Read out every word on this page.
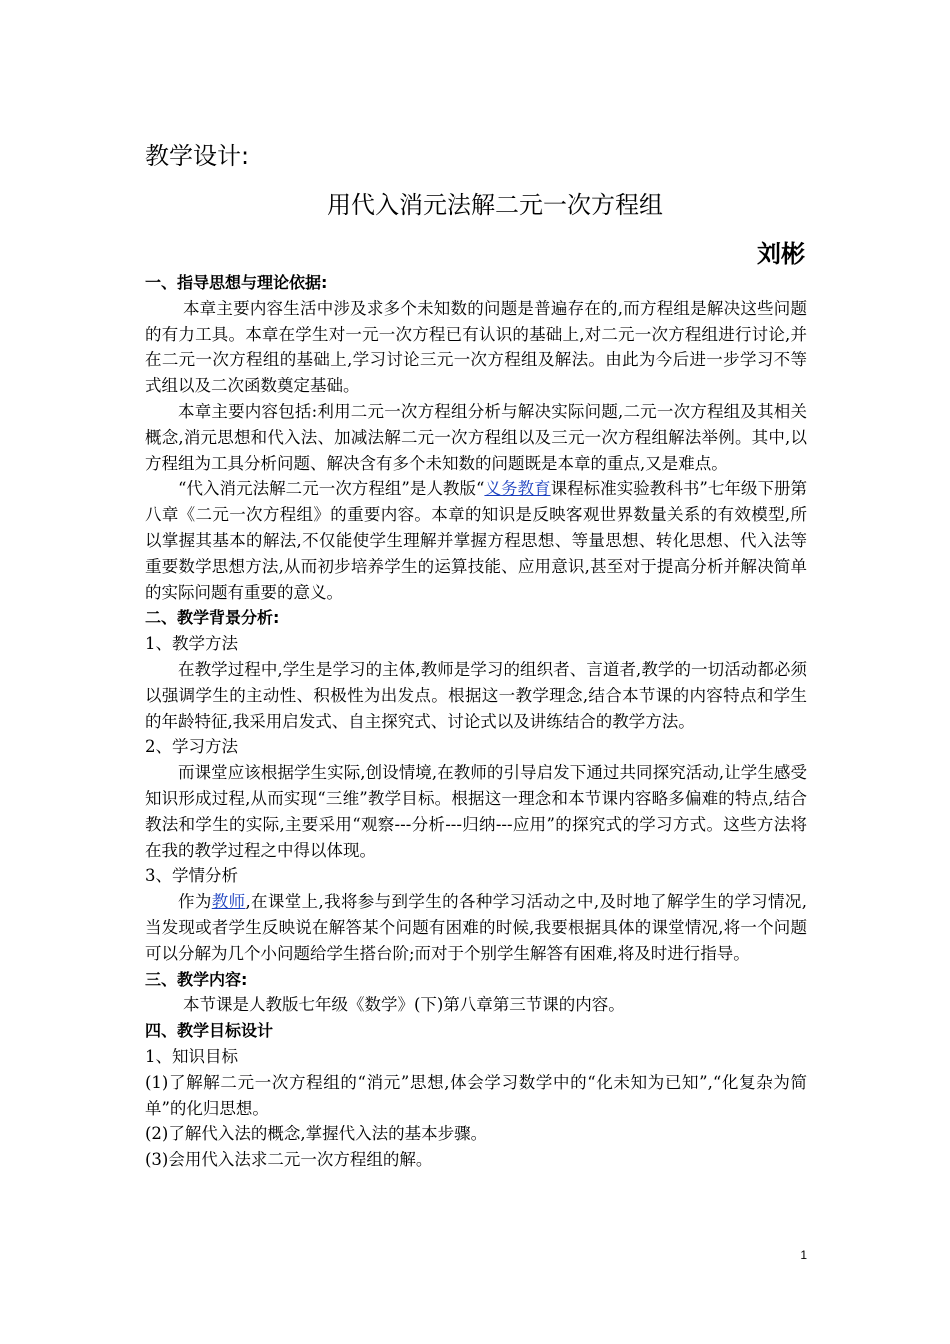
教学设计:
用代入消元法解二元一次方程组
刘彬

一、指导思想与理论依据:

本章主要内容生活中涉及求多个未知数的问题是普遍存在的,而方程组是解决这些问题的有力工具。本章在学生对一元一次方程已有认识的基础上,对二元一次方程组进行讨论,并在二元一次方程组的基础上,学习讨论三元一次方程组及解法。由此为今后进一步学习不等式组以及二次函数奠定基础。

本章主要内容包括:利用二元一次方程组分析与解决实际问题,二元一次方程组及其相关概念,消元思想和代入法、加减法解二元一次方程组以及三元一次方程组解法举例。其中,以方程组为工具分析问题、解决含有多个未知数的问题既是本章的重点,又是难点。

“代入消元法解二元一次方程组”是人教版“义务教育课程标准实验教科书”七年级下册第八章《二元一次方程组》的重要内容。本章的知识是反映客观世界数量关系的有效模型,所以掌握其基本的解法,不仅能使学生理解并掌握方程思想、等量思想、转化思想、代入法等重要数学思想方法,从而初步培养学生的运算技能、应用意识,甚至对于提高分析并解决简单的实际问题有重要的意义。

二、教学背景分析:

1、教学方法

在教学过程中,学生是学习的主体,教师是学习的组织者、言道者,教学的一切活动都必须以强调学生的主动性、积极性为出发点。根据这一教学理念,结合本节课的内容特点和学生的年龄特征,我采用启发式、自主探究式、讨论式以及讲练结合的教学方法。

2、学习方法

而课堂应该根据学生实际,创设情境,在教师的引导启发下通过共同探究活动,让学生感受知识形成过程,从而实现“三维”教学目标。根据这一理念和本节课内容略多偏难的特点,结合教法和学生的实际,主要采用“观察---分析---归纳---应用”的探究式的学习方式。这些方法将在我的教学过程之中得以体现。

3、学情分析

作为教师,在课堂上,我将参与到学生的各种学习活动之中,及时地了解学生的学习情况,当发现或者学生反映说在解答某个问题有困难的时候,我要根据具体的课堂情况,将一个问题可以分解为几个小问题给学生搭台阶;而对于个别学生解答有困难,将及时进行指导。

三、教学内容:

本节课是人教版七年级《数学》(下)第八章第三节课的内容。

四、教学目标设计

1、知识目标

(1)了解解二元一次方程组的“消元”思想,体会学习数学中的“化未知为已知”,“化复杂为简单”的化归思想。

(2)了解代入法的概念,掌握代入法的基本步骤。

(3)会用代入法求二元一次方程组的解。

1
